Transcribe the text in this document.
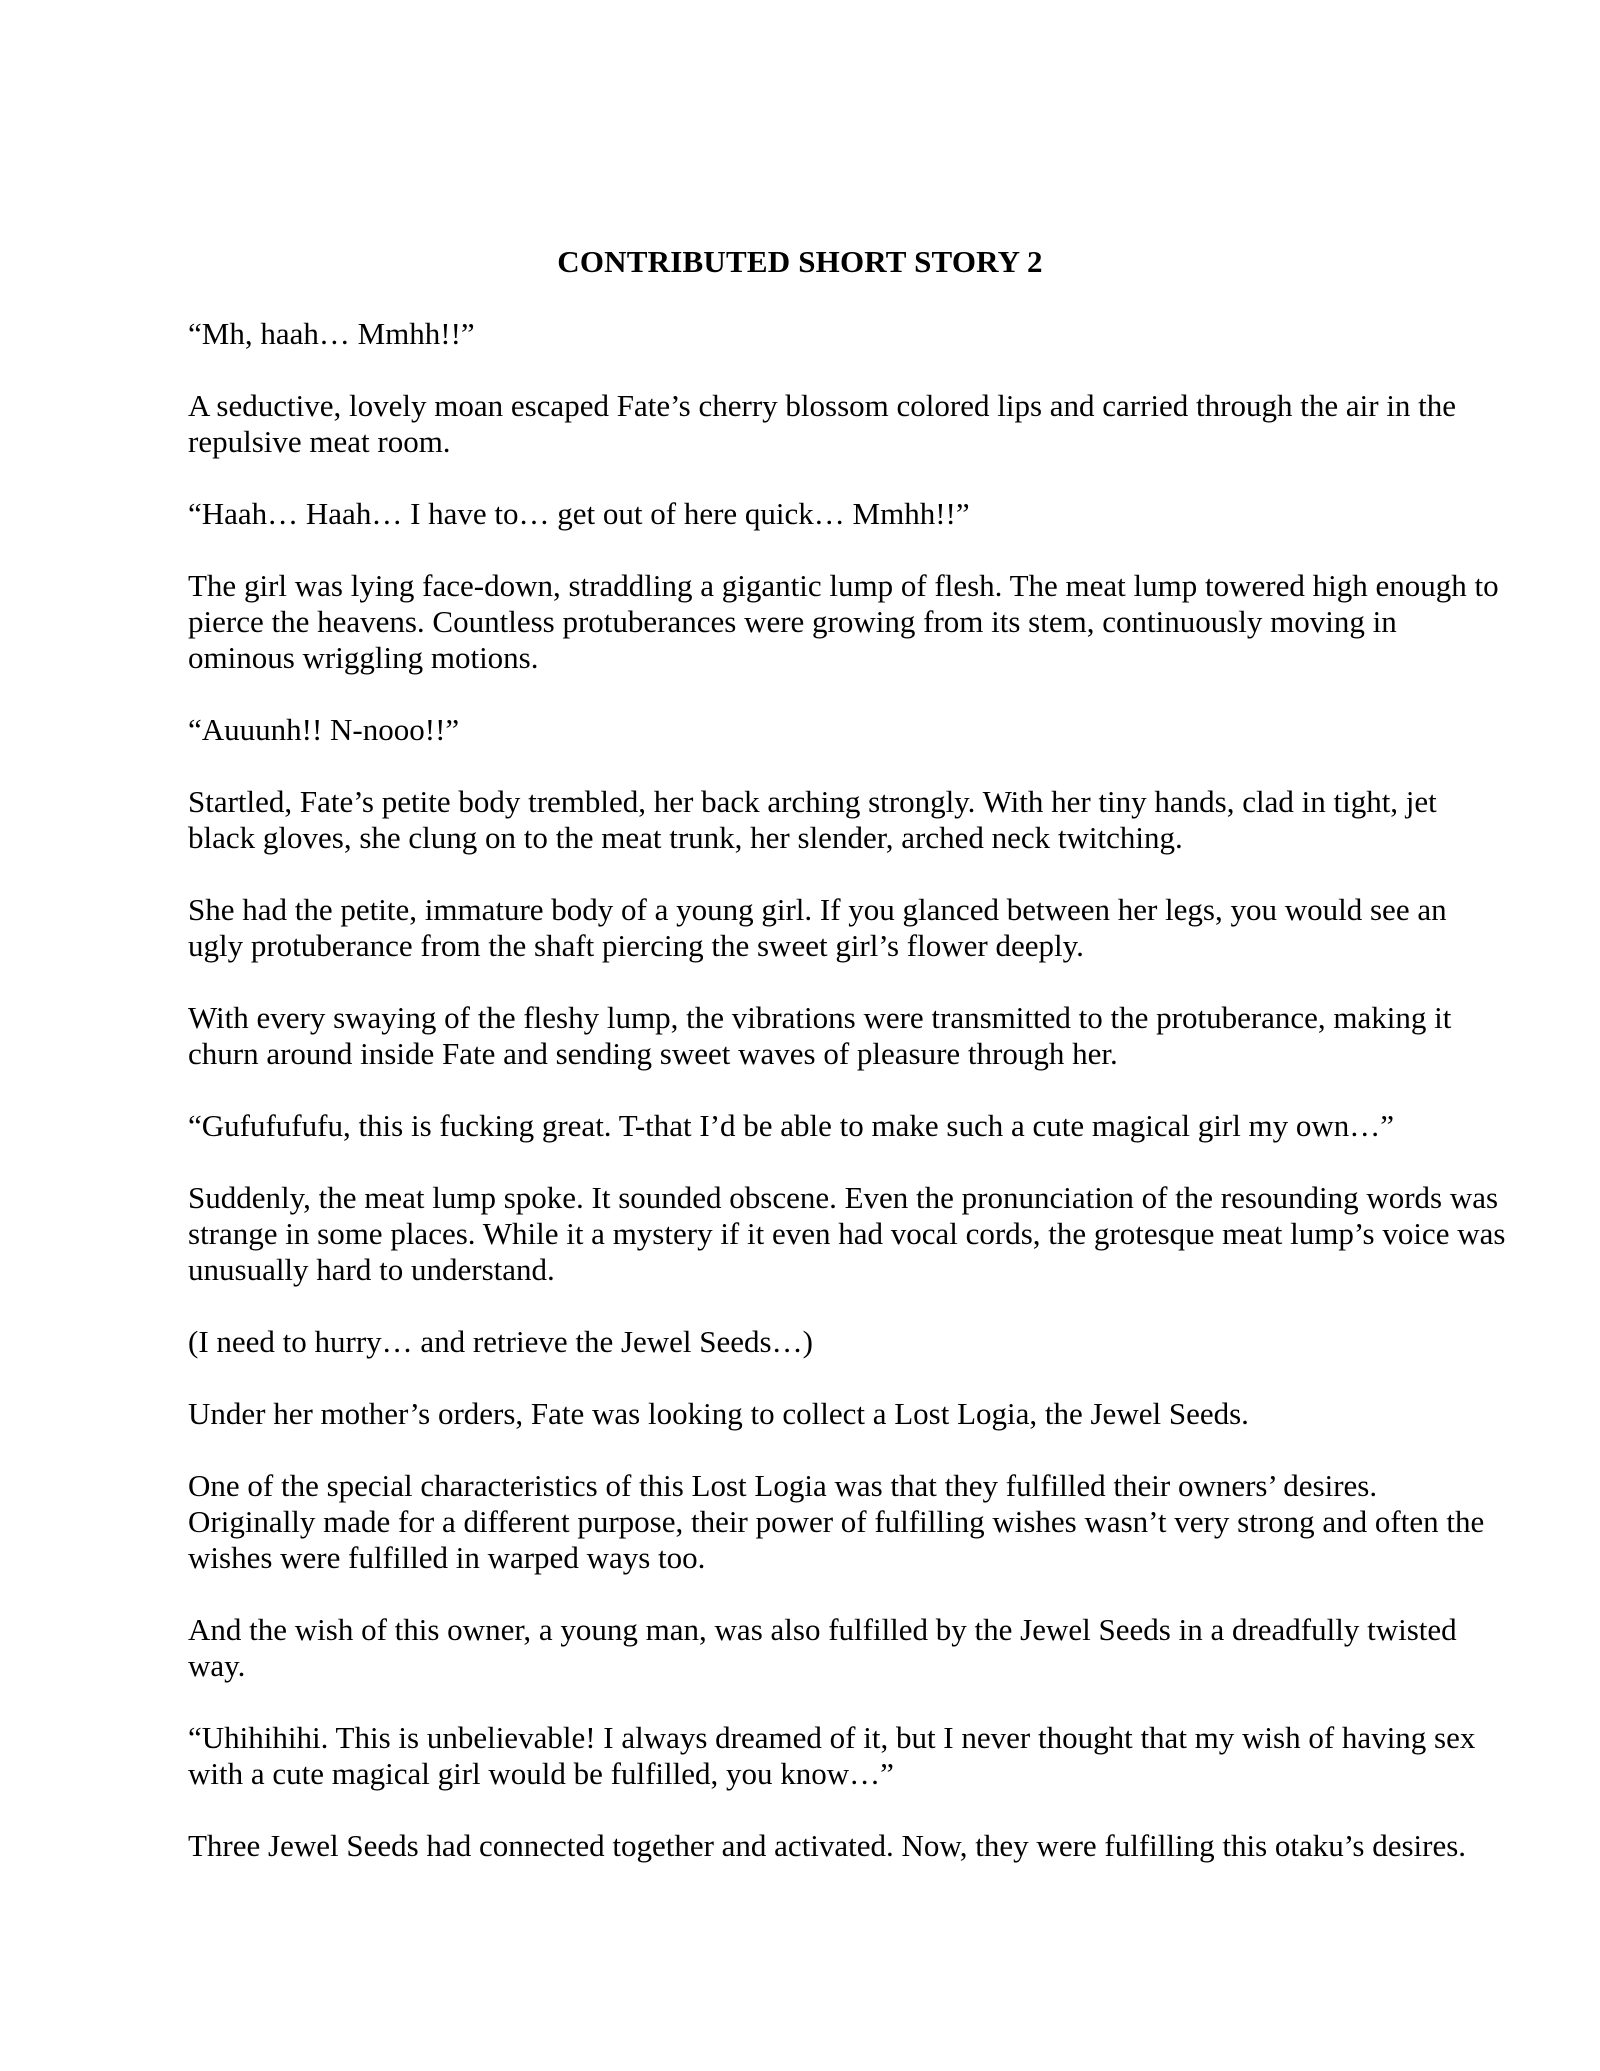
CONTRIBUTED SHORT STORY 2

“Mh, haah… Mmhh!!”

A seductive, lovely moan escaped Fate’s cherry blossom colored lips and carried through the air in the
repulsive meat room.

“Haah… Haah… I have to… get out of here quick… Mmhh!!”

The girl was lying face-down, straddling a gigantic lump of flesh. The meat lump towered high enough to
pierce the heavens. Countless protuberances were growing from its stem, continuously moving in
ominous wriggling motions.

“Auuunh!! N-nooo!!”

Startled, Fate’s petite body trembled, her back arching strongly. With her tiny hands, clad in tight, jet
black gloves, she clung on to the meat trunk, her slender, arched neck twitching.

She had the petite, immature body of a young girl. If you glanced between her legs, you would see an
ugly protuberance from the shaft piercing the sweet girl’s flower deeply.

With every swaying of the fleshy lump, the vibrations were transmitted to the protuberance, making it
churn around inside Fate and sending sweet waves of pleasure through her.

“Gufufufufu, this is fucking great. T-that I’d be able to make such a cute magical girl my own…”

Suddenly, the meat lump spoke. It sounded obscene. Even the pronunciation of the resounding words was
strange in some places. While it a mystery if it even had vocal cords, the grotesque meat lump’s voice was
unusually hard to understand.

(I need to hurry… and retrieve the Jewel Seeds…)

Under her mother’s orders, Fate was looking to collect a Lost Logia, the Jewel Seeds.

One of the special characteristics of this Lost Logia was that they fulfilled their owners’ desires.
Originally made for a different purpose, their power of fulfilling wishes wasn’t very strong and often the
wishes were fulfilled in warped ways too.

And the wish of this owner, a young man, was also fulfilled by the Jewel Seeds in a dreadfully twisted
way.

“Uhihihihi. This is unbelievable! I always dreamed of it, but I never thought that my wish of having sex
with a cute magical girl would be fulfilled, you know…”

Three Jewel Seeds had connected together and activated. Now, they were fulfilling this otaku’s desires.
